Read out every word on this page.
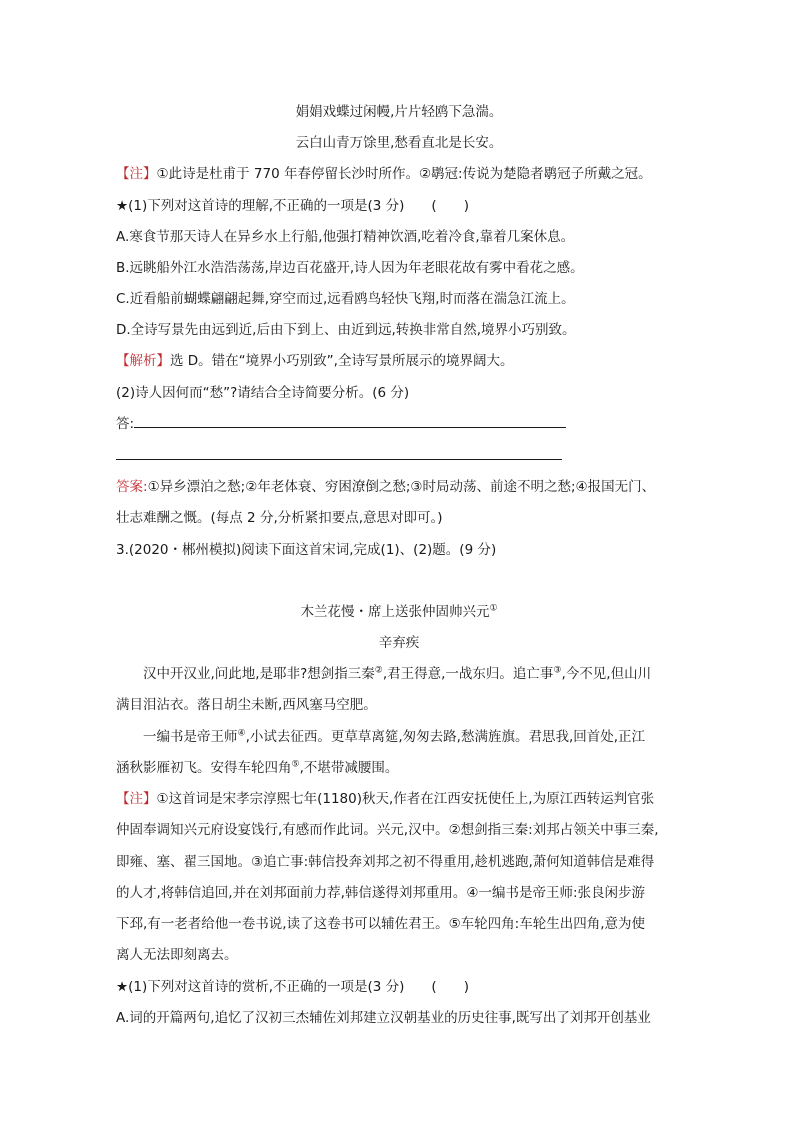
娟娟戏蝶过闲幔,片片轻鸥下急湍。
云白山青万馀里,愁看直北是长安。
【注】①此诗是杜甫于 770 年春停留长沙时所作。②鹖冠:传说为楚隐者鹖冠子所戴之冠。
★(1)下列对这首诗的理解,不正确的一项是(3 分)　　(　　)
A.寒食节那天诗人在异乡水上行船,他强打精神饮酒,吃着冷食,靠着几案休息。
B.远眺船外江水浩浩荡荡,岸边百花盛开,诗人因为年老眼花故有雾中看花之感。
C.近看船前蝴蝶翩翩起舞,穿空而过,远看鸥鸟轻快飞翔,时而落在湍急江流上。
D.全诗写景先由远到近,后由下到上、由近到远,转换非常自然,境界小巧别致。
【解析】选 D。错在“境界小巧别致”,全诗写景所展示的境界阔大。
(2)诗人因何而“愁”?请结合全诗简要分析。(6 分)
答:
答案:①异乡漂泊之愁;②年老体衰、穷困潦倒之愁;③时局动荡、前途不明之愁;④报国无门、
壮志难酬之慨。(每点 2 分,分析紧扣要点,意思对即可。)
3.(2020・郴州模拟)阅读下面这首宋词,完成(1)、(2)题。(9 分)
木兰花慢・席上送张仲固帅兴元①
辛弃疾
汉中开汉业,问此地,是耶非?想剑指三秦②,君王得意,一战东归。追亡事③,今不见,但山川
满目泪沾衣。落日胡尘未断,西风塞马空肥。
一编书是帝王师④,小试去征西。更草草离筵,匆匆去路,愁满旌旗。君思我,回首处,正江
涵秋影雁初飞。安得车轮四角⑤,不堪带减腰围。
【注】①这首词是宋孝宗淳熙七年(1180)秋天,作者在江西安抚使任上,为原江西转运判官张
仲固奉调知兴元府设宴饯行,有感而作此词。兴元,汉中。②想剑指三秦:刘邦占领关中事三秦,
即雍、塞、翟三国地。③追亡事:韩信投奔刘邦之初不得重用,趁机逃跑,萧何知道韩信是难得
的人才,将韩信追回,并在刘邦面前力荐,韩信遂得刘邦重用。④一编书是帝王师:张良闲步游
下邳,有一老者给他一卷书说,读了这卷书可以辅佐君王。⑤车轮四角:车轮生出四角,意为使
离人无法即刻离去。
★(1)下列对这首诗的赏析,不正确的一项是(3 分)　　(　　)
A.词的开篇两句,追忆了汉初三杰辅佐刘邦建立汉朝基业的历史往事,既写出了刘邦开创基业
